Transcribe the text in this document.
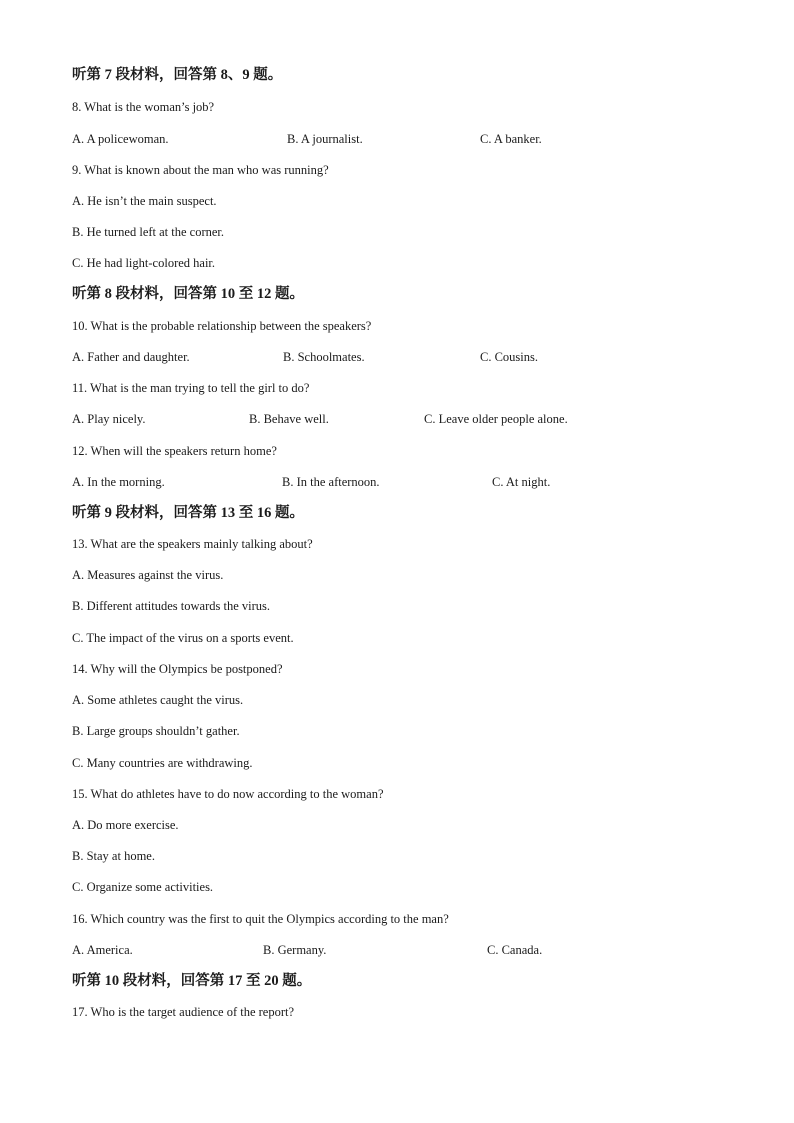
听第 7 段材料，回答第 8、9 题。
8. What is the woman’s job?
A. A policewoman.	B. A journalist.	C. A banker.
9. What is known about the man who was running?
A. He isn’t the main suspect.
B. He turned left at the corner.
C. He had light-colored hair.
听第 8 段材料，回答第 10 至 12 题。
10. What is the probable relationship between the speakers?
A. Father and daughter.	B. Schoolmates.	C. Cousins.
11. What is the man trying to tell the girl to do?
A. Play nicely.	B. Behave well.	C. Leave older people alone.
12. When will the speakers return home?
A. In the morning.	B. In the afternoon.	C. At night.
听第 9 段材料，回答第 13 至 16 题。
13. What are the speakers mainly talking about?
A. Measures against the virus.
B. Different attitudes towards the virus.
C. The impact of the virus on a sports event.
14. Why will the Olympics be postponed?
A. Some athletes caught the virus.
B. Large groups shouldn’t gather.
C. Many countries are withdrawing.
15. What do athletes have to do now according to the woman?
A. Do more exercise.
B. Stay at home.
C. Organize some activities.
16. Which country was the first to quit the Olympics according to the man?
A. America.	B. Germany.	C. Canada.
听第 10 段材料，回答第 17 至 20 题。
17. Who is the target audience of the report?
